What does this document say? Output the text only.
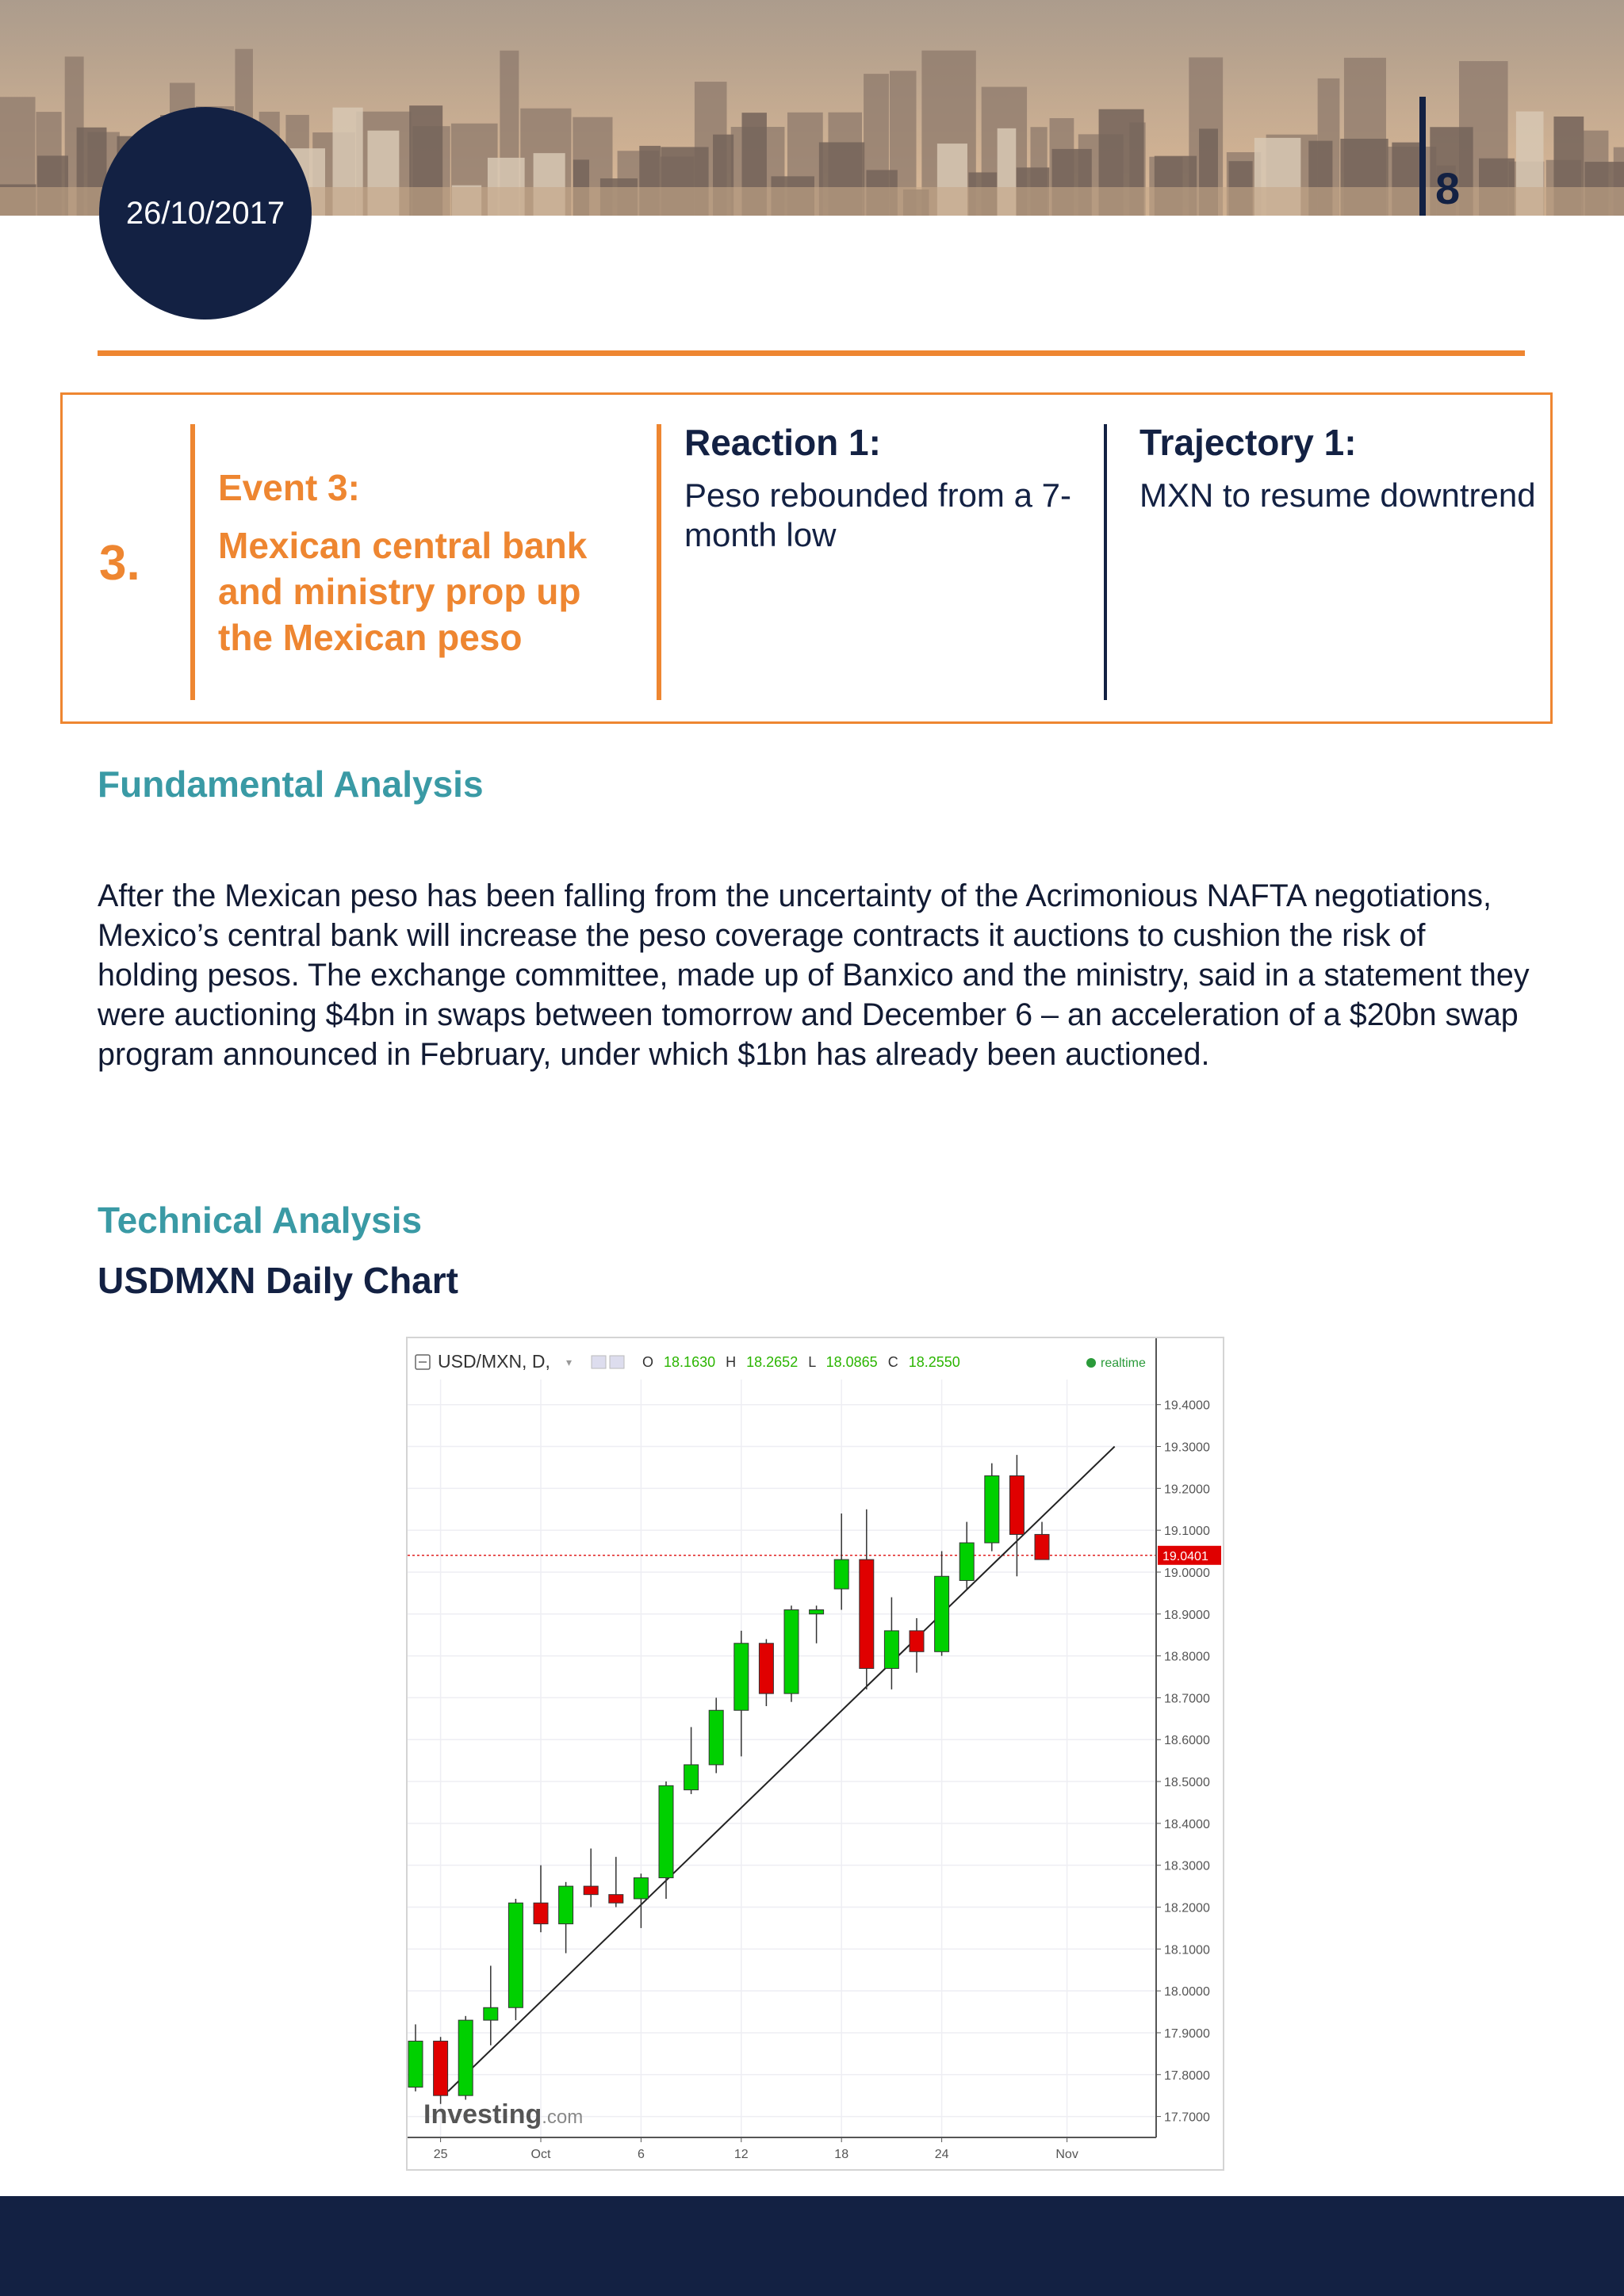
26/10/2017	8
3.
Event 3:
Mexican central bank and ministry prop up the Mexican peso
Reaction 1:
Peso rebounded from a 7-month low
Trajectory 1:
MXN to resume downtrend
Fundamental Analysis
After the Mexican peso has been falling from the uncertainty of the Acrimonious NAFTA negotiations, Mexico’s central bank will increase the peso coverage contracts it auctions to cushion the risk of holding pesos. The exchange committee, made up of Banxico and the ministry, said in a statement they were auctioning $4bn in swaps between tomorrow and December 6 – an acceleration of a $20bn swap program announced in February, under which $1bn has already been auctioned.
Technical Analysis
USDMXN Daily Chart
19.4000
19.3000
19.2000
19.1000
19.0000
18.9000
18.8000
18.7000
18.6000
18.5000
18.4000
18.3000
18.2000
18.1000
18.0000
17.9000
17.8000
17.7000
19.0401
25	Oct	6	12	18	24	Nov
USD/MXN, D, ▾	O 18.1630 H 18.2652 L 18.0865 C 18.2550	realtime
Investing.com
